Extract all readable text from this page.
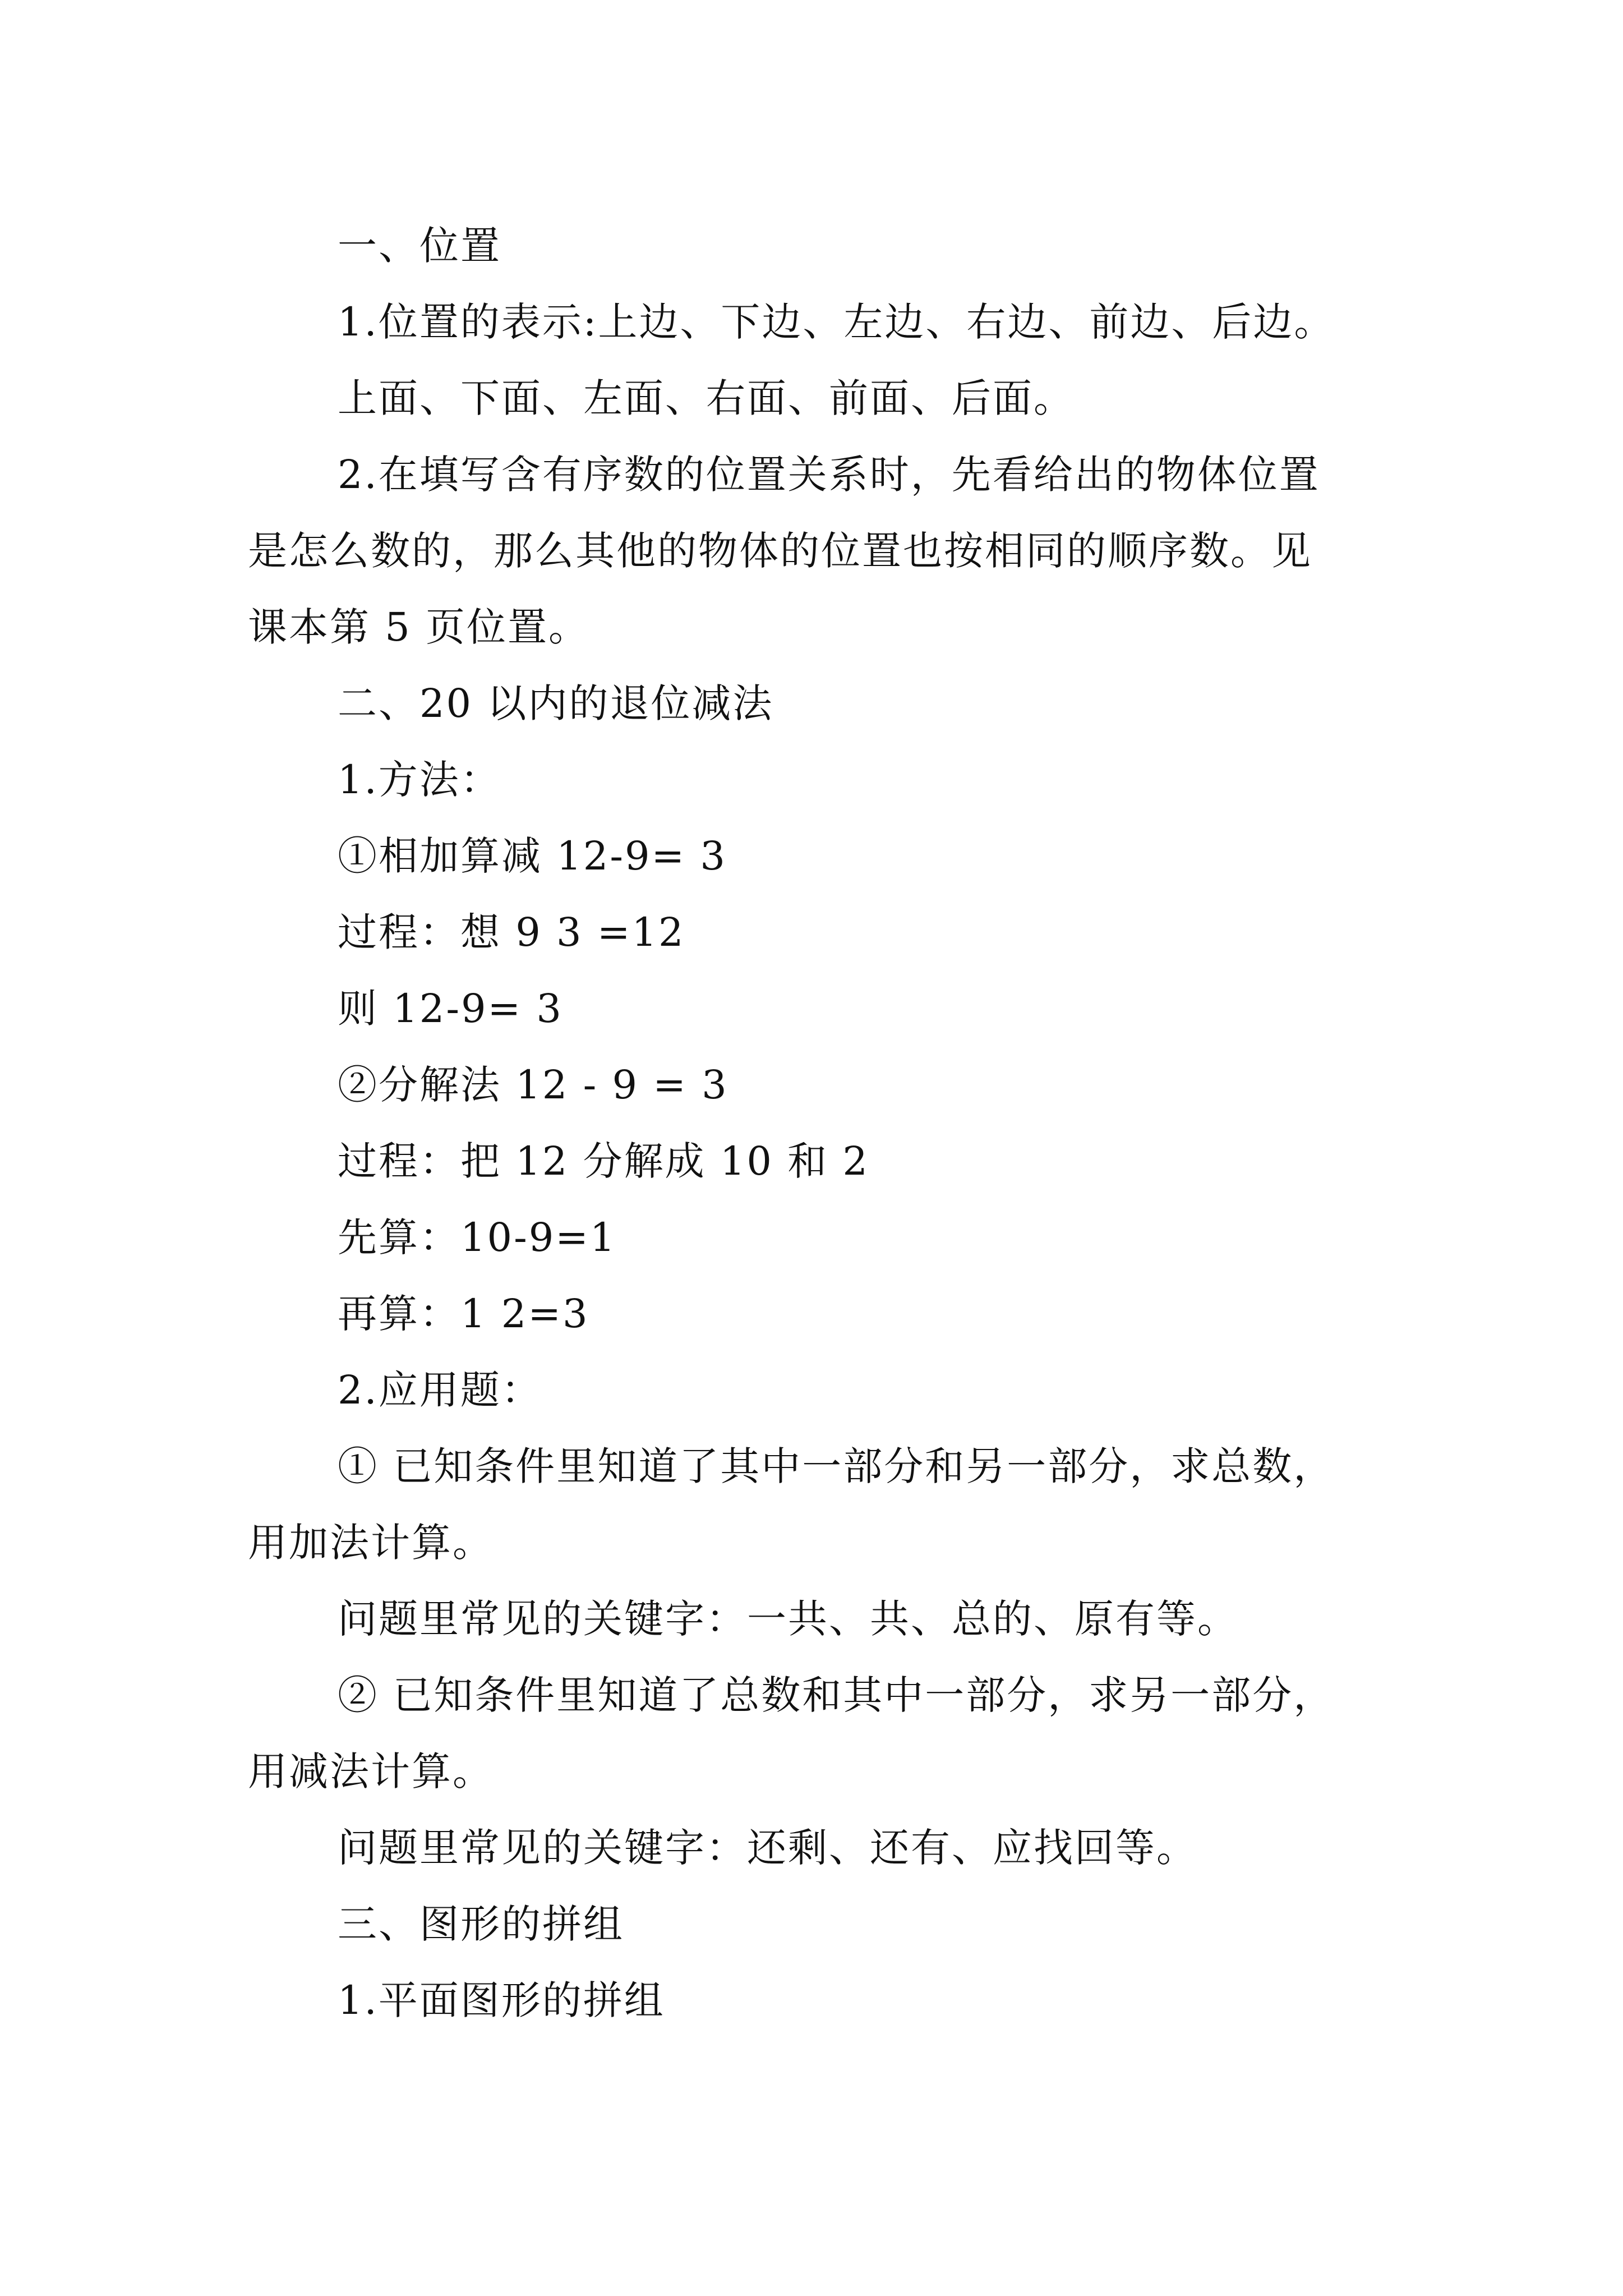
一、位置
1.位置的表示:上边、下边、左边、右边、前边、后边。
上面、下面、左面、右面、前面、后面。
2.在填写含有序数的位置关系时，先看给出的物体位置
是怎么数的，那么其他的物体的位置也按相同的顺序数。见
课本第 5 页位置。
二、20 以内的退位减法
1.方法：
①相加算减 12-9= 3
过程：想 9 3 =12
则 12-9= 3
②分解法 12 - 9 = 3
过程：把 12 分解成 10 和 2
先算：10-9=1
再算：1 2=3
2.应用题：
① 已知条件里知道了其中一部分和另一部分，求总数，
用加法计算。
问题里常见的关键字：一共、共、总的、原有等。
② 已知条件里知道了总数和其中一部分，求另一部分，
用减法计算。
问题里常见的关键字：还剩、还有、应找回等。
三、图形的拼组
1.平面图形的拼组
